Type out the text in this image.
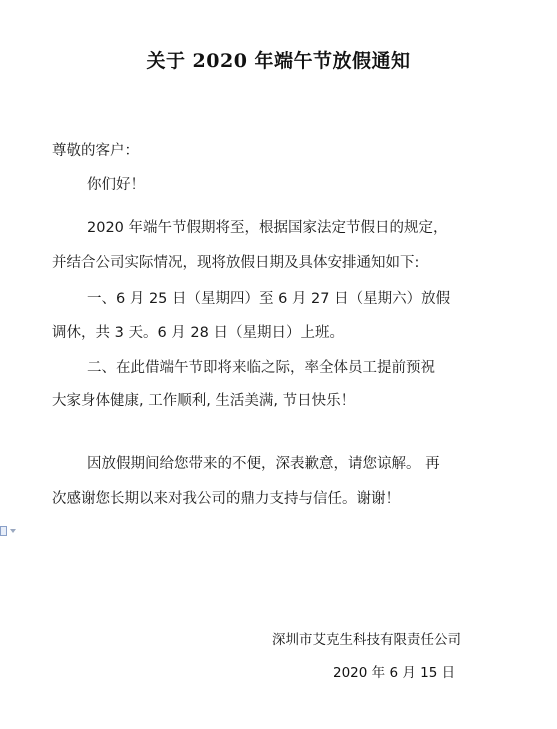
关于 2020 年端午节放假通知
尊敬的客户：
你们好！
2020 年端午节假期将至，根据国家法定节假日的规定，
并结合公司实际情况，现将放假日期及具体安排通知如下:
一、6 月 25 日（星期四）至 6 月 27 日（星期六）放假
调休，共 3 天。6 月 28 日（星期日）上班。
二、在此借端午节即将来临之际，率全体员工提前预祝
大家身体健康, 工作顺利, 生活美满, 节日快乐！
因放假期间给您带来的不便，深表歉意，请您谅解。 再
次感谢您长期以来对我公司的鼎力支持与信任。谢谢！
深圳市艾克生科技有限责任公司
2020 年 6 月 15 日
